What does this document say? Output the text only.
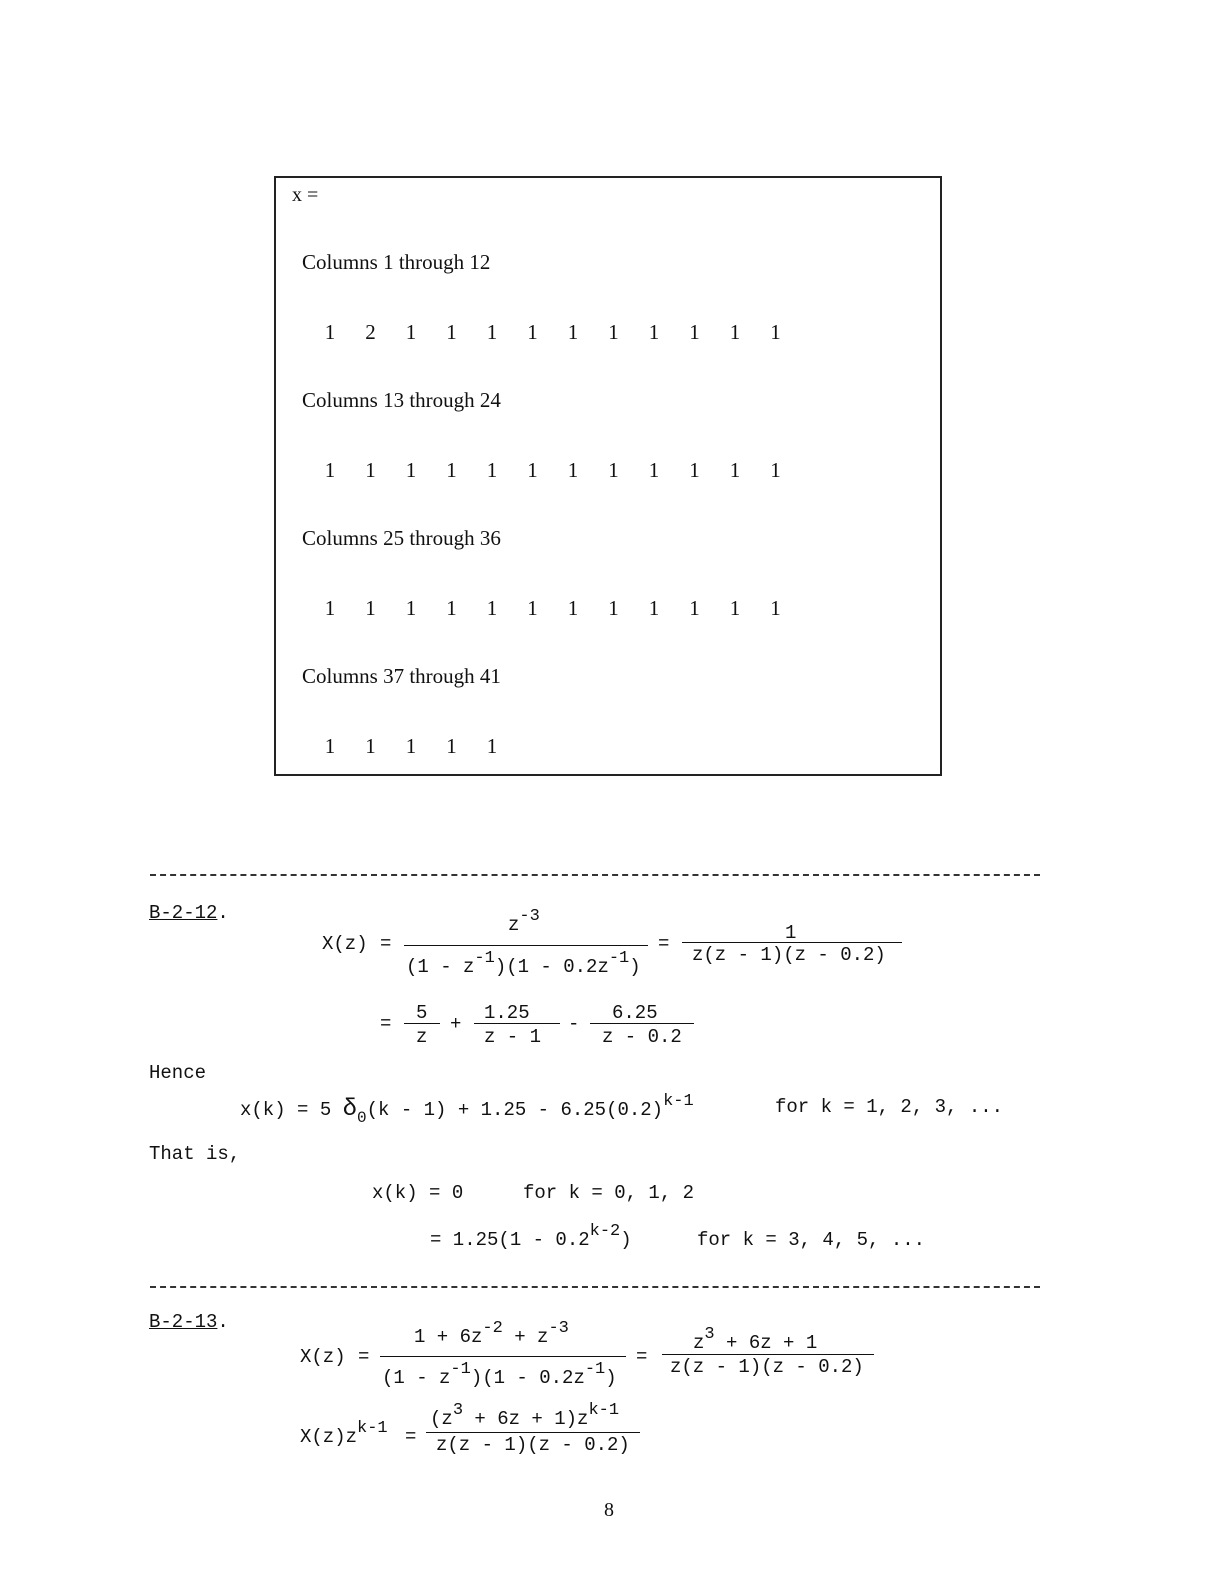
x =
Columns 1 through 12
1 2 1 1 1 1 1 1 1 1 1 1
Columns 13 through 24
1 1 1 1 1 1 1 1 1 1 1 1
Columns 25 through 36
1 1 1 1 1 1 1 1 1 1 1 1
Columns 37 through 41
1 1 1 1 1
B-2-12.
X(z) =
z-3
(1 - z-1)(1 - 0.2z-1)
=	1
z(z - 1)(z - 0.2)
= 5
z
+ 1.25
z - 1
- 6.25
z - 0.2
Hence
x(k) = 5 $\delta_0(k - 1) + 1.25 - 6.25(0.2)k-1$	for k = 1, 2, 3, ...
That is,
x(k) = 0	for k = 0, 1, 2
= 1.25(1 - 0.2k-2)	for k = 3, 4, 5, ...
B-2-13.
X(z) =
1 + 6z-2 + z-3
(1 - z-1)(1 - 0.2z-1)
=
z3 + 6z + 1
z(z - 1)(z - 0.2)
X(z)zk-1 =
(z3 + 6z + 1)zk-1
z(z - 1)(z - 0.2)
8
